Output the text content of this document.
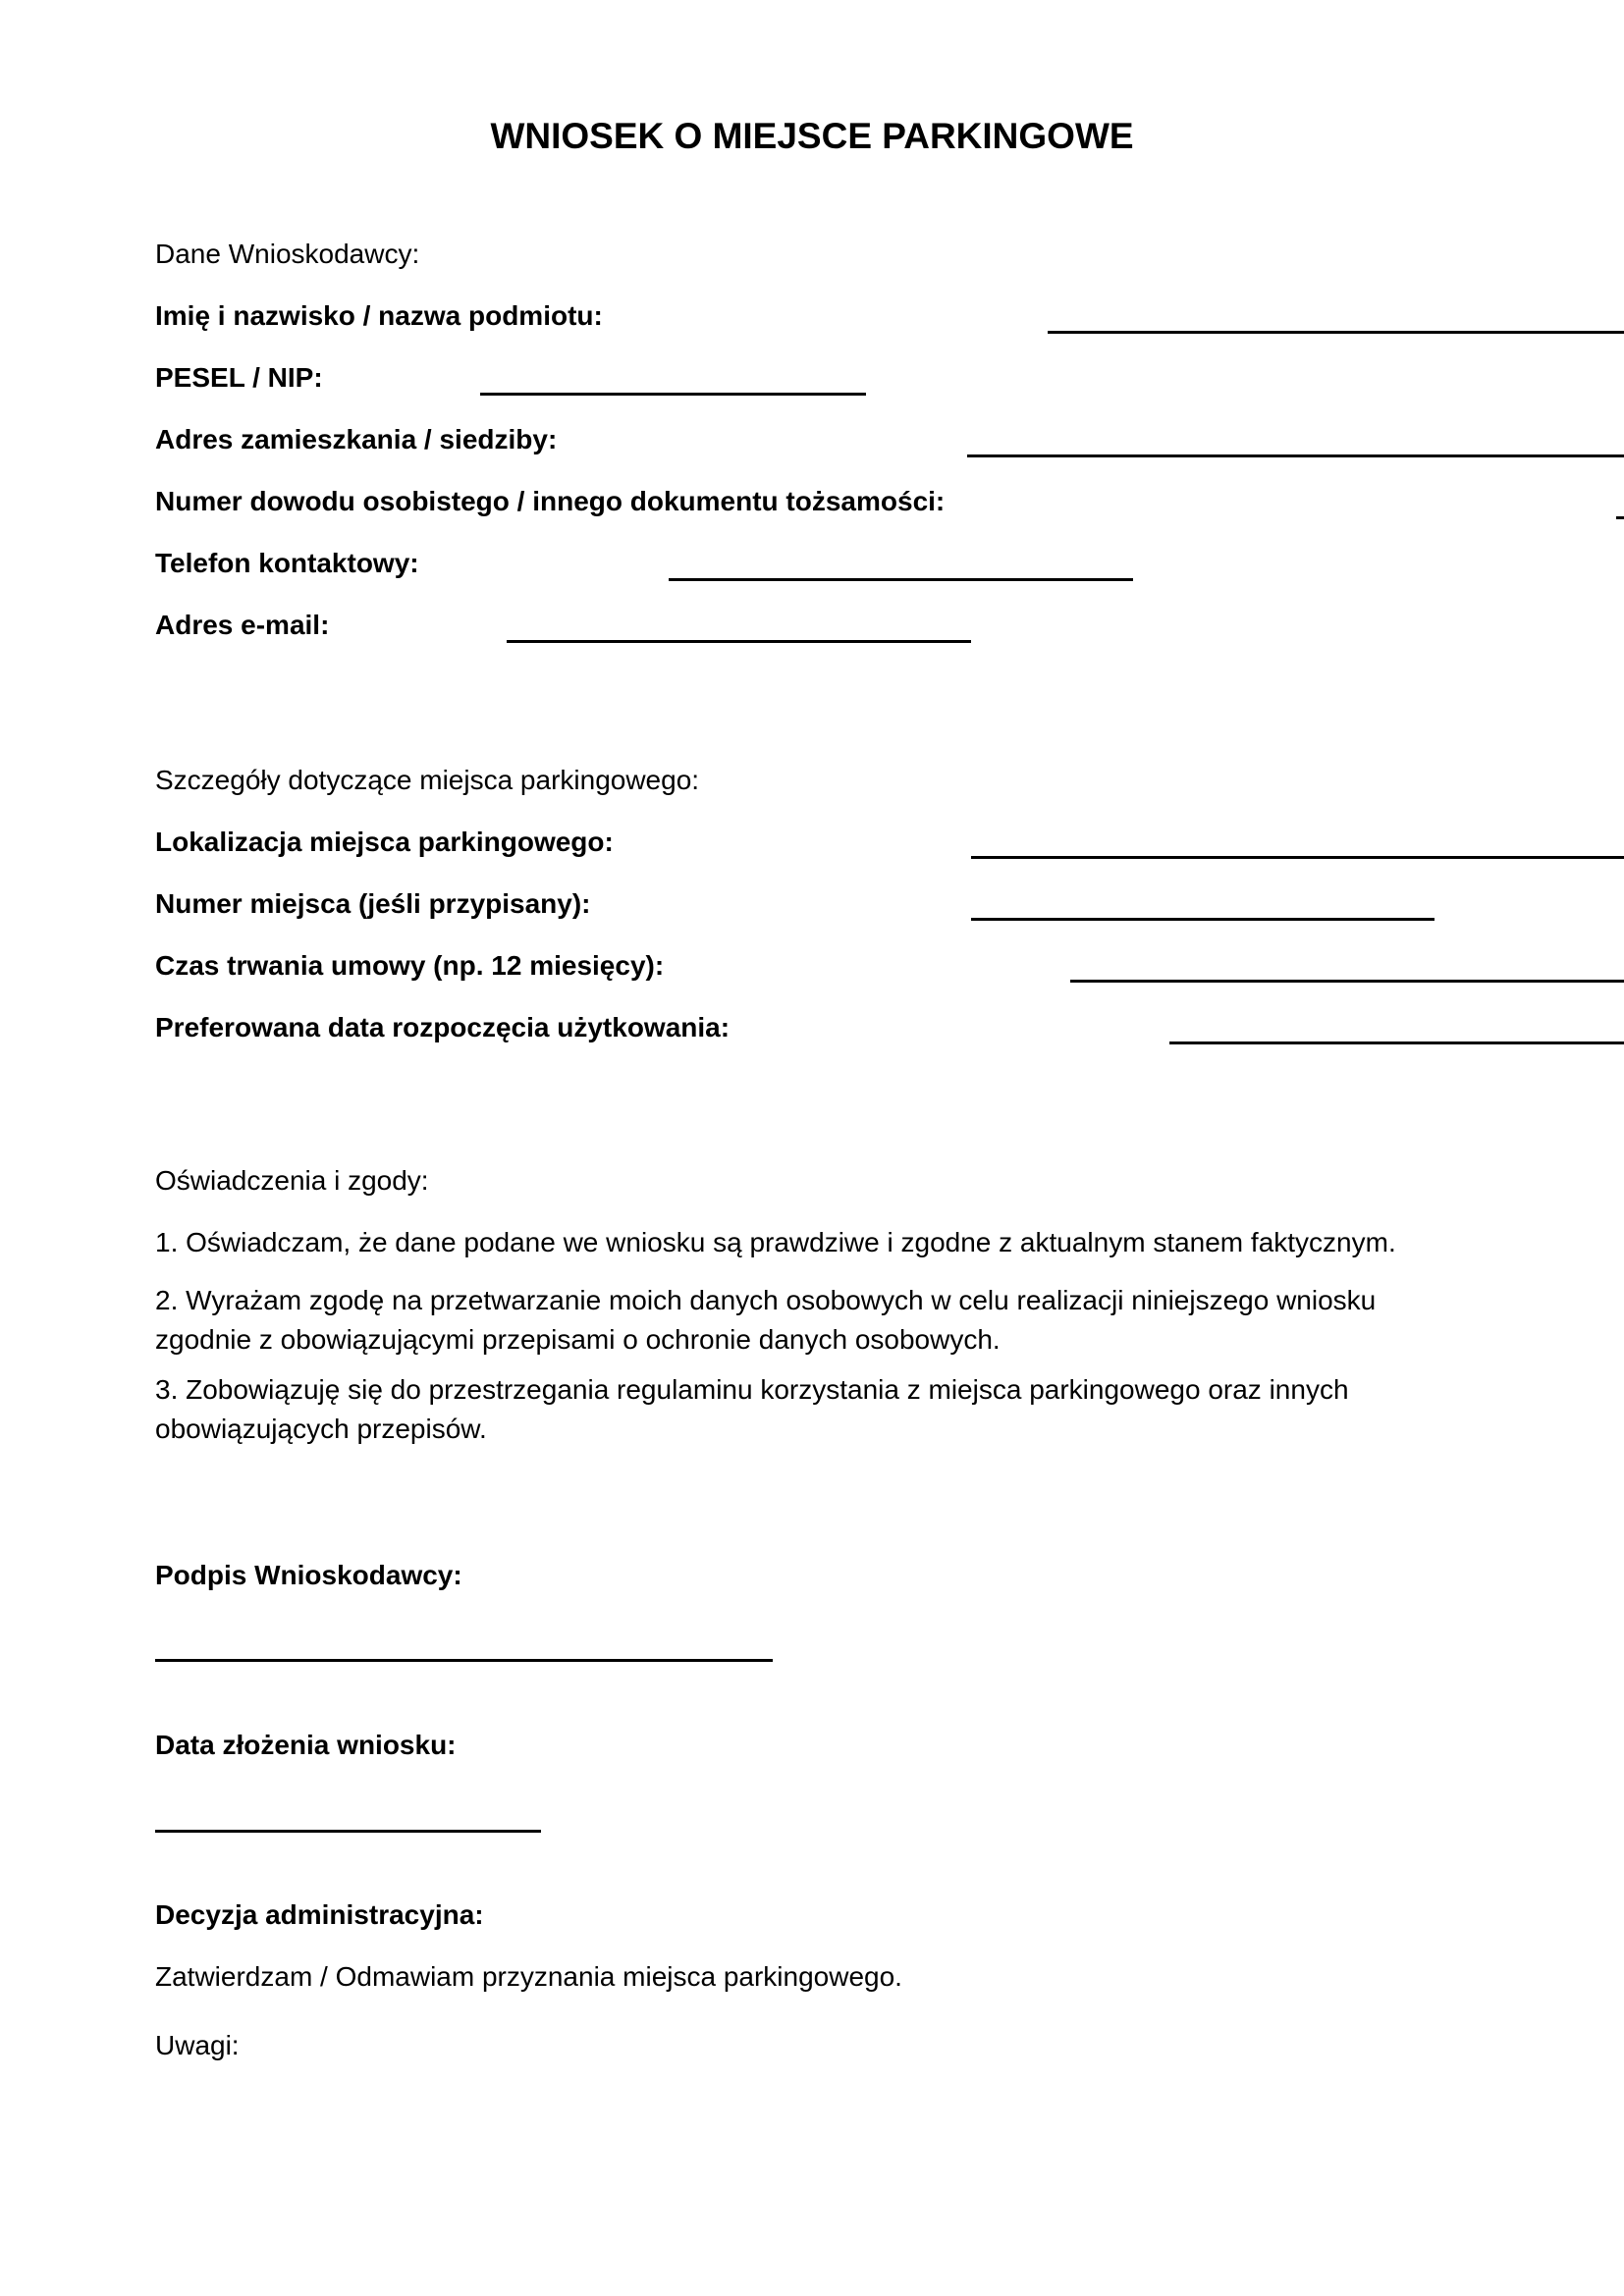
WNIOSEK O MIEJSCE PARKINGOWE
Dane Wnioskodawcy:
Imię i nazwisko / nazwa podmiotu:
PESEL / NIP:
Adres zamieszkania / siedziby:
Numer dowodu osobistego / innego dokumentu tożsamości:
Telefon kontaktowy:
Adres e-mail:
Szczegóły dotyczące miejsca parkingowego:
Lokalizacja miejsca parkingowego:
Numer miejsca (jeśli przypisany):
Czas trwania umowy (np. 12 miesięcy):
Preferowana data rozpoczęcia użytkowania:
Oświadczenia i zgody:
1. Oświadczam, że dane podane we wniosku są prawdziwe i zgodne z aktualnym stanem faktycznym.
2. Wyrażam zgodę na przetwarzanie moich danych osobowych w celu realizacji niniejszego wniosku zgodnie z obowiązującymi przepisami o ochronie danych osobowych.
3. Zobowiązuję się do przestrzegania regulaminu korzystania z miejsca parkingowego oraz innych obowiązujących przepisów.
Podpis Wnioskodawcy:
Data złożenia wniosku:
Decyzja administracyjna:
Zatwierdzam / Odmawiam przyznania miejsca parkingowego.
Uwagi:
